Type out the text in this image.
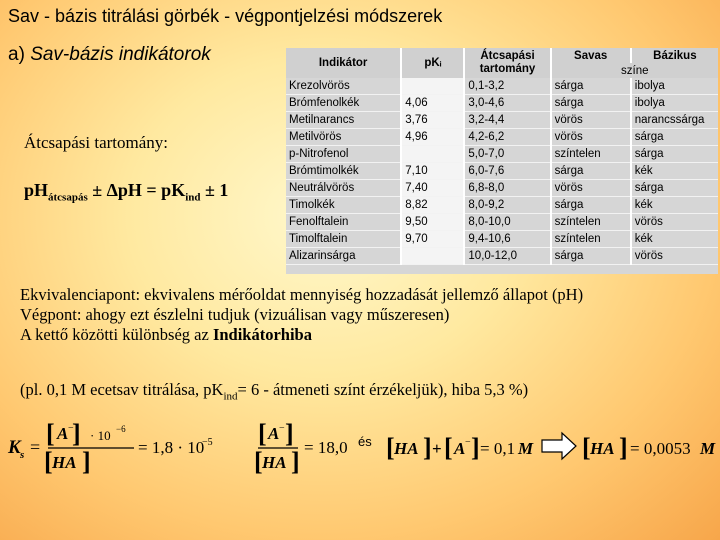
Sav - bázis titrálási görbék - végpontjelzési módszerek
a) Sav-bázis indikátorok
Átcsapási tartomány:
$pH_{átcsapás} \pm \Delta pH = pK_{ind} \pm 1$
Indikátor	pKᵢ	Átcsapási tartomány	Savas	Bázikus
			színe	
Krezolvörös		0,1-3,2	sárga	ibolya
Brómfenolkék	4,06	3,0-4,6	sárga	ibolya
Metilnarancs	3,76	3,2-4,4	vörös	narancssárga
Metilvörös	4,96	4,2-6,2	vörös	sárga
p-Nitrofenol		5,0-7,0	színtelen	sárga
Brómtimolkék	7,10	6,0-7,6	sárga	kék
Neutrálvörös	7,40	6,8-8,0	vörös	sárga
Timolkék	8,82	8,0-9,2	sárga	kék
Fenolftalein	9,50	8,0-10,0	színtelen	vörös
Timolftalein	9,70	9,4-10,6	színtelen	kék
Alizarinsárga		10,0-12,0	sárga	vörös
Ekvivalenciapont: ekvivalens mérőoldat mennyiség hozzadását jellemző állapot (pH)
Végpont: ahogy ezt észlelni tudjuk (vizuálisan vagy műszeresen)
A kettő közötti különbség az Indikátorhiba
(pl. 0,1 M ecetsav titrálása, $pK_{ind}= 6$ - átmeneti színt érzékeljük), hiba 5,3 %)
K s = [ A −
] · 10 −6
[ HA ]	= 1,8 · 10
−5 [ A − ]
[ HA ] = 18,0 és [ HA ] + [ A − ] = 0,1 M [ HA ] = 0,0053 M
